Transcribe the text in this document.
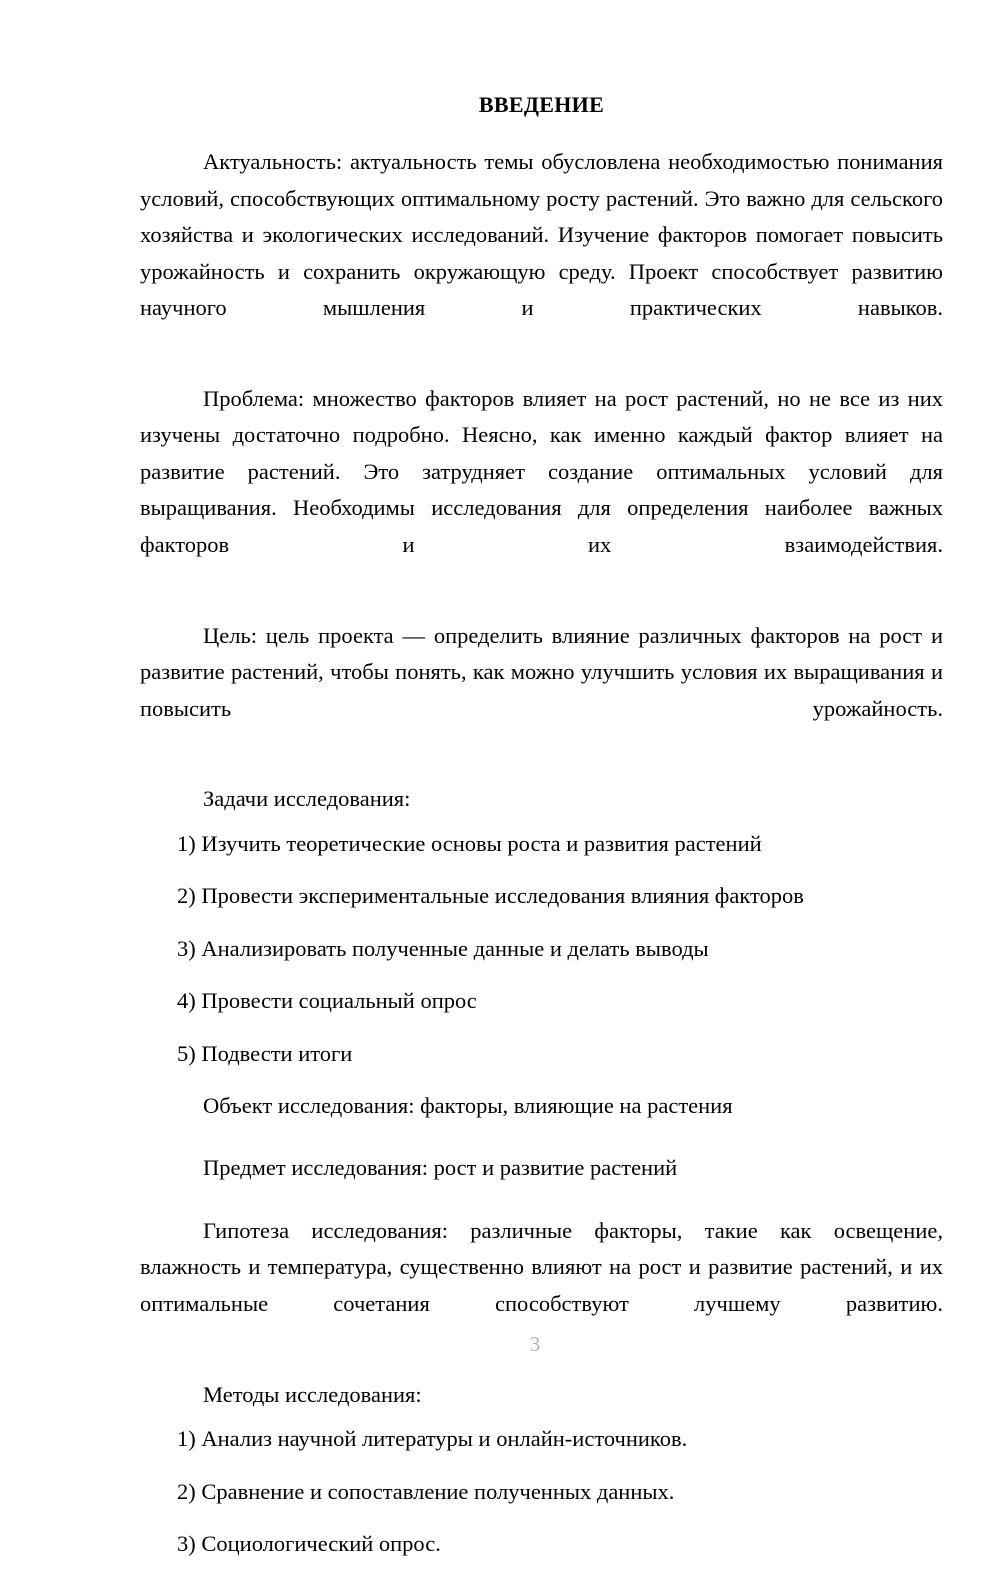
ВВЕДЕНИЕ

Актуальность: актуальность темы обусловлена необходимостью понимания условий, способствующих оптимальному росту растений. Это важно для сельского хозяйства и экологических исследований. Изучение факторов помогает повысить урожайность и сохранить окружающую среду. Проект способствует развитию научного мышления и практических навыков.

Проблема: множество факторов влияет на рост растений, но не все из них изучены достаточно подробно. Неясно, как именно каждый фактор влияет на развитие растений. Это затрудняет создание оптимальных условий для выращивания. Необходимы исследования для определения наиболее важных факторов и их взаимодействия.

Цель: цель проекта — определить влияние различных факторов на рост и развитие растений, чтобы понять, как можно улучшить условия их выращивания и повысить урожайность.

Задачи исследования:

1) Изучить теоретические основы роста и развития растений
2) Провести экспериментальные исследования влияния факторов
3) Анализировать полученные данные и делать выводы
4) Провести социальный опрос
5) Подвести итоги

Объект исследования: факторы, влияющие на растения

Предмет исследования: рост и развитие растений

Гипотеза исследования: различные факторы, такие как освещение, влажность и температура, существенно влияют на рост и развитие растений, и их оптимальные сочетания способствуют лучшему развитию.

Методы исследования:

1) Анализ научной литературы и онлайн-источников.
2) Сравнение и сопоставление полученных данных.
3) Социологический опрос.
3
